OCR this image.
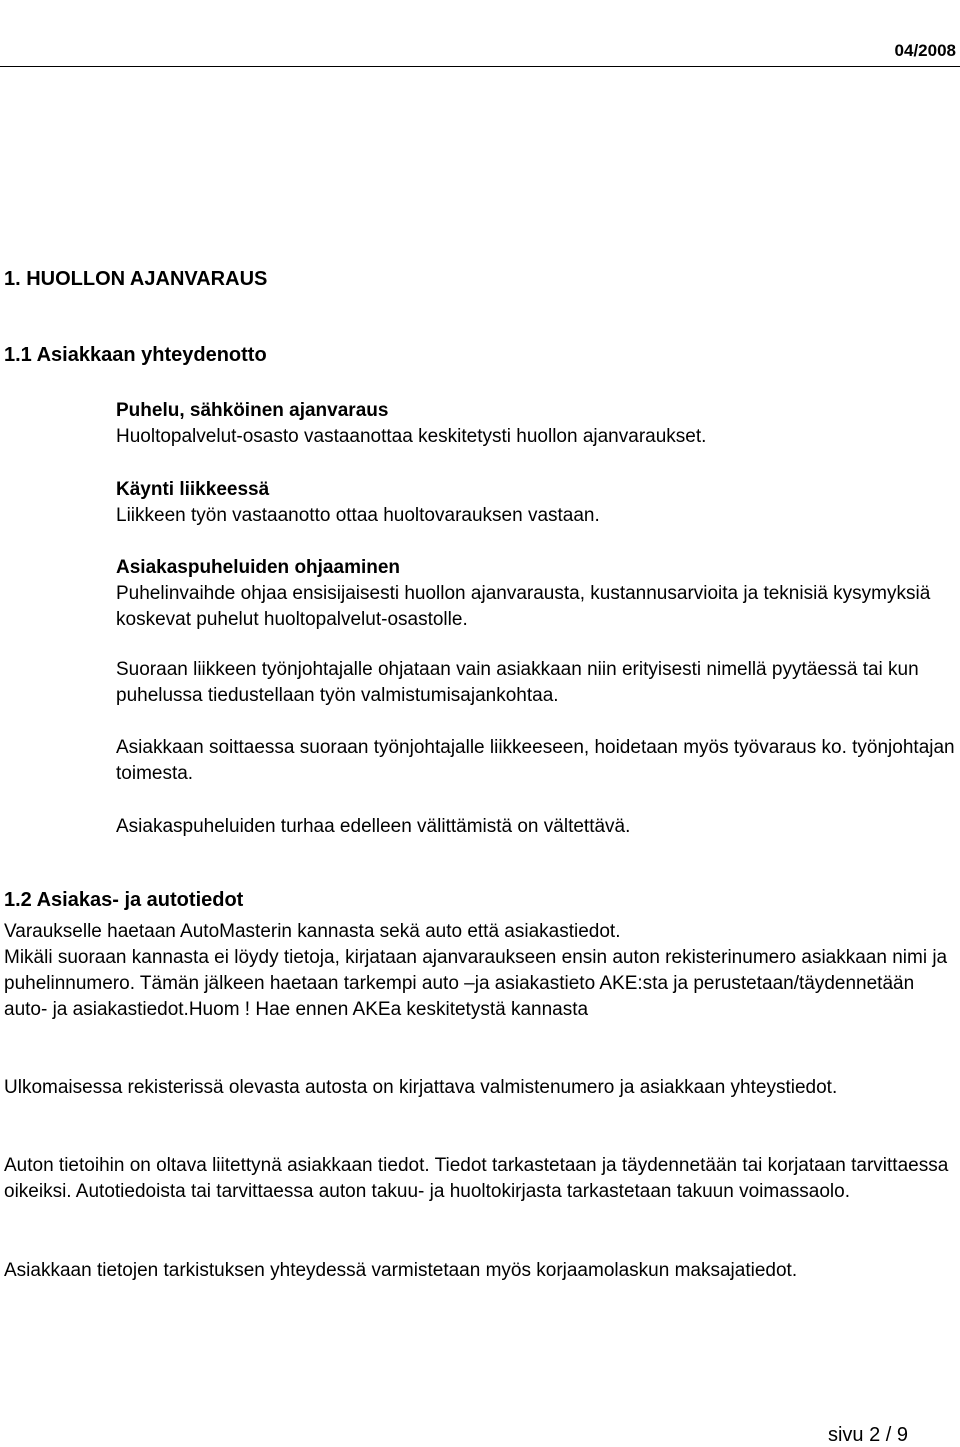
Veho Autotalot tapa toimia – Korjaamo	Ver 1.1
04/2008
1. HUOLLON AJANVARAUS
1.1 Asiakkaan yhteydenotto

Puhelu, sähköinen ajanvaraus

Huoltopalvelut-osasto vastaanottaa keskitetysti huollon ajanvaraukset.

Käynti liikkeessä

Liikkeen työn vastaanotto ottaa huoltovarauksen vastaan.

Asiakaspuheluiden ohjaaminen

Puhelinvaihde ohjaa ensisijaisesti huollon ajanvarausta, kustannusarvioita ja teknisiä kysymyksiä koskevat puhelut huoltopalvelut-osastolle.

Suoraan liikkeen työnjohtajalle ohjataan vain asiakkaan niin erityisesti nimellä pyytäessä tai kun puhelussa tiedustellaan työn valmistumisajankohtaa.

Asiakkaan soittaessa suoraan työnjohtajalle liikkeeseen, hoidetaan myös työvaraus ko. työnjohtajan toimesta.

Asiakaspuheluiden turhaa edelleen välittämistä on vältettävä.

1.2 Asiakas- ja autotiedot

Varaukselle haetaan AutoMasterin kannasta sekä auto että asiakastiedot.

Mikäli suoraan kannasta ei löydy tietoja, kirjataan ajanvaraukseen ensin auton rekisterinumero asiakkaan nimi ja puhelinnumero. Tämän jälkeen haetaan tarkempi auto –ja asiakastieto AKE:sta ja perustetaan/täydennetään auto- ja asiakastiedot.Huom ! Hae ennen AKEa keskitetystä kannasta

Ulkomaisessa rekisterissä olevasta autosta on kirjattava valmistenumero ja asiakkaan yhteystiedot.

Auton tietoihin on oltava liitettynä asiakkaan tiedot. Tiedot tarkastetaan ja täydennetään tai korjataan tarvittaessa oikeiksi. Autotiedoista tai tarvittaessa auton takuu- ja huoltokirjasta tarkastetaan takuun voimassaolo.

Asiakkaan tietojen tarkistuksen yhteydessä varmistetaan myös korjaamolaskun maksajatiedot.

sivu 2 / 9
